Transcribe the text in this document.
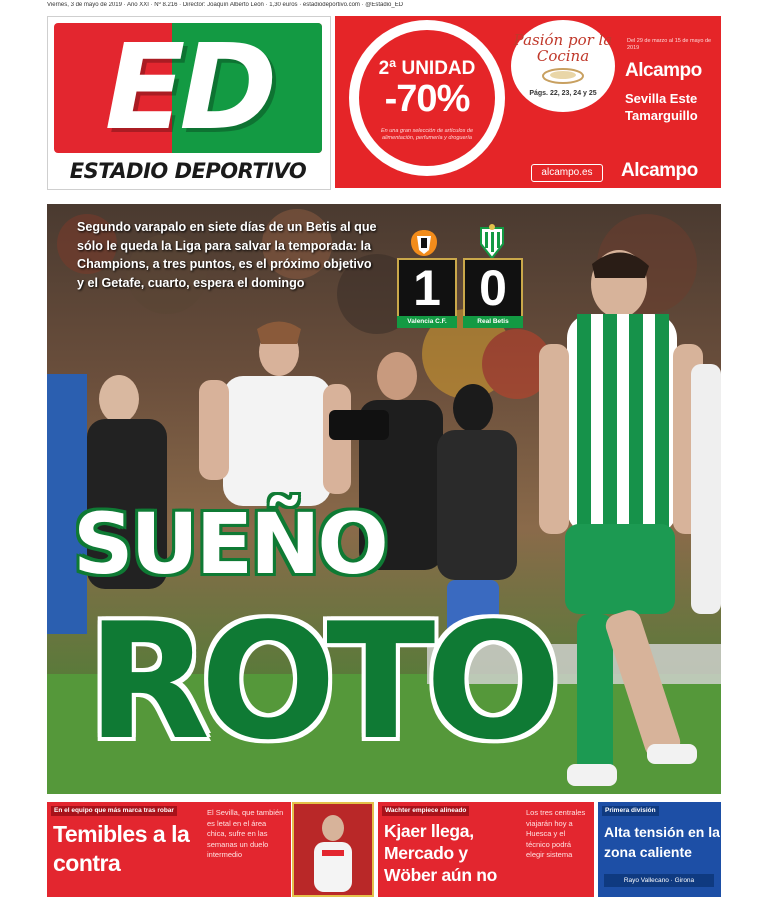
Viernes, 3 de mayo de 2019 · Año XXI · Nº 8.216 · Director: Joaquín Alberto León · 1,30 euros · estadiodeportivo.com · @Estadio_ED
ED
ESTADIO DEPORTIVO
2ª UNIDAD
-70%
En una gran selección de artículos de alimentación, perfumería y droguería
Pasión por la Cocina
Págs. 22, 23, 24 y 25
Del 29 de marzo al 15 de mayo de 2019
Alcampo
Sevilla Este Tamarguillo
alcampo.es	Alcampo
Segundo varapalo en siete días de un Betis al que sólo le queda la Liga para salvar la temporada: la Champions, a tres puntos, es el próximo objetivo y el Getafe, cuarto, espera el domingo	1 0
Valencia C.F.	Real Betis
SUEÑO
ROTO
En el equipo que más marca tras robar
Temibles a la contra
El Sevilla, que también es letal en el área chica, sufre en las semanas un duelo intermedio
Wachter empiece alineado
Kjaer llega, Mercado y Wöber aún no
Los tres centrales viajarán hoy a Huesca y el técnico podrá elegir sistema
Primera división
Alta tensión en la zona caliente
Rayo Vallecano · Girona
